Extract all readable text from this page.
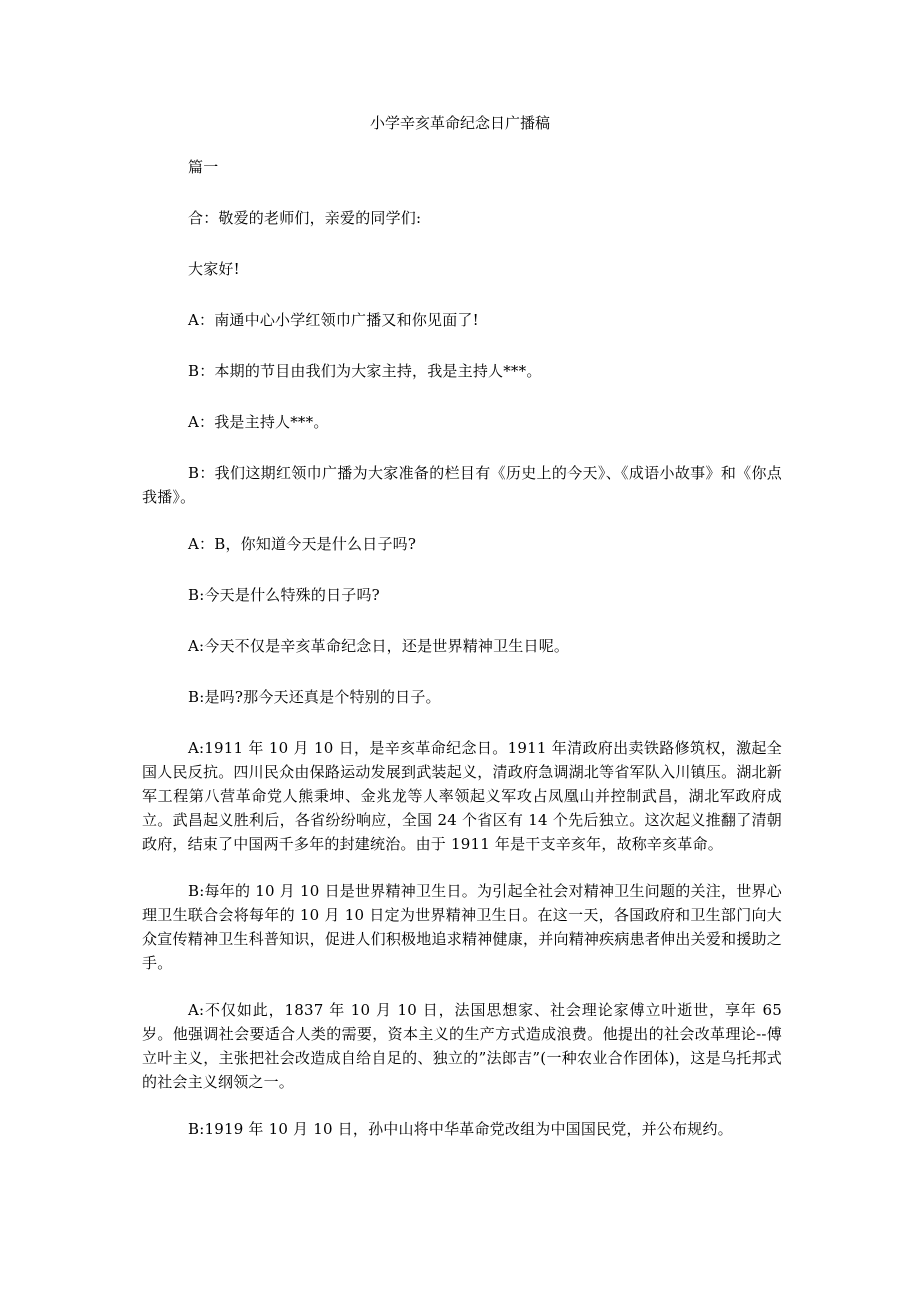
小学辛亥革命纪念日广播稿

篇一

合：敬爱的老师们，亲爱的同学们:

大家好!

A：南通中心小学红领巾广播又和你见面了!

B：本期的节目由我们为大家主持，我是主持人***。

A：我是主持人***。

B：我们这期红领巾广播为大家准备的栏目有《历史上的今天》、《成语小故事》和《你点我播》。

A：B，你知道今天是什么日子吗?

B:今天是什么特殊的日子吗?

A:今天不仅是辛亥革命纪念日，还是世界精神卫生日呢。

B:是吗?那今天还真是个特别的日子。

A:1911 年 10 月 10 日，是辛亥革命纪念日。1911 年清政府出卖铁路修筑权，激起全国人民反抗。四川民众由保路运动发展到武装起义，清政府急调湖北等省军队入川镇压。湖北新军工程第八营革命党人熊秉坤、金兆龙等人率领起义军攻占凤凰山并控制武昌，湖北军政府成立。武昌起义胜利后，各省纷纷响应，全国 24 个省区有 14 个先后独立。这次起义推翻了清朝政府，结束了中国两千多年的封建统治。由于 1911 年是干支辛亥年，故称辛亥革命。

B:每年的 10 月 10 日是世界精神卫生日。为引起全社会对精神卫生问题的关注，世界心理卫生联合会将每年的 10 月 10 日定为世界精神卫生日。在这一天，各国政府和卫生部门向大众宣传精神卫生科普知识，促进人们积极地追求精神健康，并向精神疾病患者伸出关爱和援助之手。

A:不仅如此，1837 年 10 月 10 日，法国思想家、社会理论家傅立叶逝世，享年 65 岁。他强调社会要适合人类的需要，资本主义的生产方式造成浪费。他提出的社会改革理论--傅立叶主义，主张把社会改造成自给自足的、独立的”法郎吉”(一种农业合作团体)，这是乌托邦式的社会主义纲领之一。

B:1919 年 10 月 10 日，孙中山将中华革命党改组为中国国民党，并公布规约。
